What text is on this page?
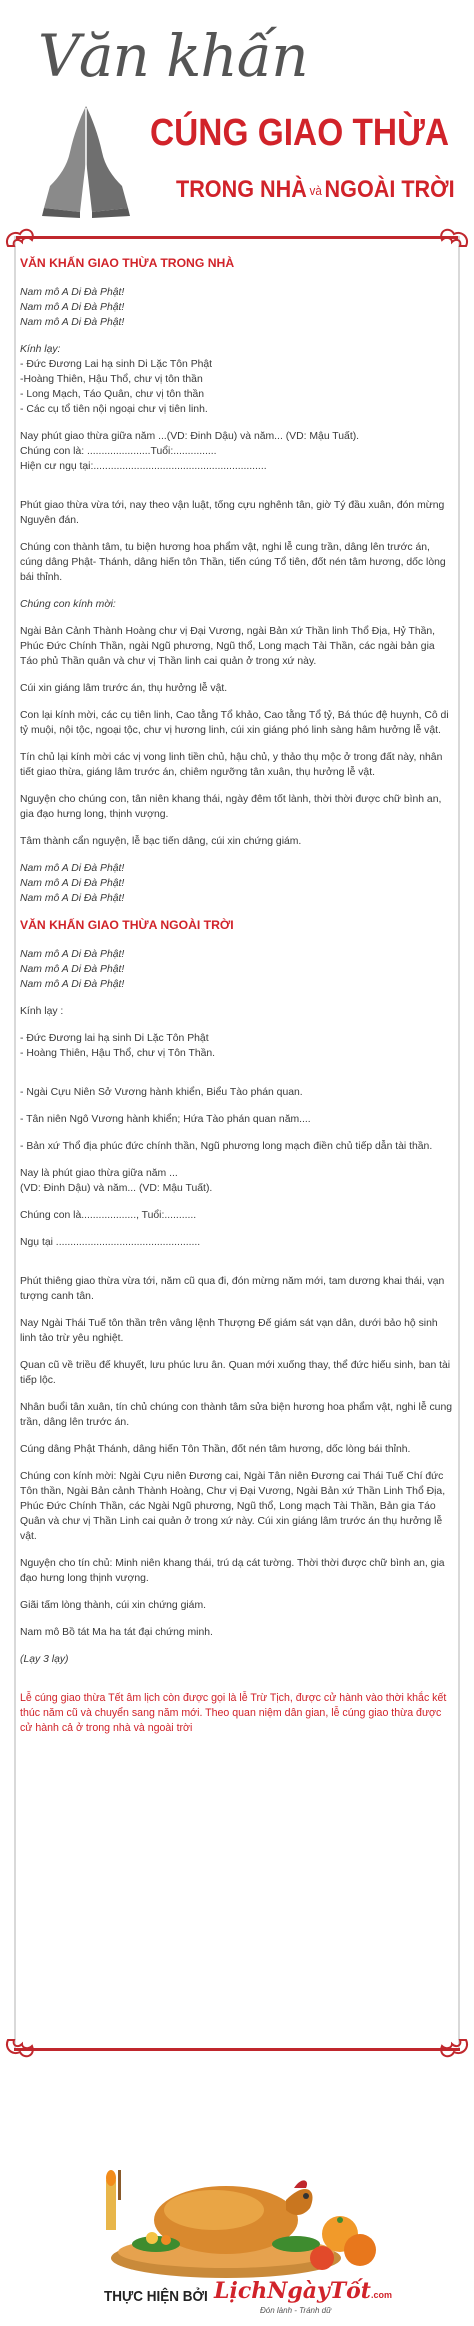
Văn khấn
CÚNG GIAO THỪA
TRONG NHÀ và NGOÀI TRỜI
VĂN KHẤN GIAO THỪA TRONG NHÀ
Nam mô A Di Đà Phật!
Nam mô A Di Đà Phật!
Nam mô A Di Đà Phật!
Kính lạy:
- Đức Đương Lai hạ sinh Di Lặc Tôn Phật
-Hoàng Thiên, Hậu Thổ, chư vị tôn thần
- Long Mạch, Táo Quân, chư vị tôn thần
- Các cụ tổ tiên nội ngoại chư vị tiên linh.
Nay phút giao thừa giữa năm ...(VD: Đinh Dậu) và năm... (VD: Mậu Tuất).
Chúng con là: ......................Tuổi:...............
Hiện cư ngụ tại:............................................................
Phút giao thừa vừa tới, nay theo vận luật, tống cựu nghênh tân, giờ Tý đầu xuân, đón mừng Nguyên đán.
Chúng con thành tâm, tu biện hương hoa phẩm vật, nghi lễ cung trần, dâng lên trước án, cúng dâng Phật- Thánh, dâng hiến tôn Thần, tiến cúng Tổ tiên, đốt nén tâm hương, dốc lòng bái thỉnh.
Chúng con kính mời:
Ngài Bản Cảnh Thành Hoàng chư vị Đại Vương, ngài Bản xứ Thần linh Thổ Địa, Hỷ Thần, Phúc Đức Chính Thần, ngài Ngũ phương, Ngũ thổ, Long mạch Tài Thần, các ngài bản gia Táo phủ Thần quân và chư vị Thần linh cai quản ở trong xứ này.
Cúi xin giáng lâm trước án, thụ hưởng lễ vật.
Con lại kính mời, các cụ tiên linh, Cao tằng Tổ khảo, Cao tằng Tổ tỷ, Bá thúc đệ huynh, Cô di tỷ muội, nội tộc, ngoại tộc, chư vị hương linh, cúi xin giáng phó linh sàng hâm hưởng lễ vật.
Tín chủ lại kính mời các vị vong linh tiền chủ, hậu chủ, y thảo thụ mộc ở trong đất này, nhân tiết giao thừa, giáng lâm trước án, chiêm ngưỡng tân xuân, thụ hưởng lễ vật.
Nguyện cho chúng con, tân niên khang thái, ngày đêm tốt lành, thời thời được chữ bình an, gia đạo hưng long, thịnh vượng.
Tâm thành cẩn nguyện, lễ bạc tiến dâng, cúi xin chứng giám.
Nam mô A Di Đà Phật!
Nam mô A Di Đà Phật!
Nam mô A Di Đà Phật!
VĂN KHẤN GIAO THỪA NGOÀI TRỜI
Nam mô A Di Đà Phật!
Nam mô A Di Đà Phật!
Nam mô A Di Đà Phật!
Kính lạy :
- Đức Đương lai hạ sinh Di Lặc Tôn Phật
- Hoàng Thiên, Hậu Thổ, chư vị Tôn Thần.
- Ngài Cựu Niên Sở Vương hành khiển, Biểu Tào phán quan.
- Tân niên Ngô Vương hành khiển; Hứa Tào phán quan năm....
- Bản xứ Thổ địa phúc đức chính thần, Ngũ phương long mạch điền chủ tiếp dẫn tài thần.
Nay là phút giao thừa giữa năm ...
(VD: Đinh Dậu) và năm... (VD: Mậu Tuất).
Chúng con là..................., Tuổi:...........
Ngụ tại ..................................................
Phút thiêng giao thừa vừa tới, năm cũ qua đi, đón mừng năm mới, tam dương khai thái, vạn tượng canh tân.
Nay Ngài Thái Tuế tôn thần trên vâng lệnh Thượng Đế giám sát vạn dân, dưới bảo hộ sinh linh tảo trừ yêu nghiệt.
Quan cũ về triều đế khuyết, lưu phúc lưu ân. Quan mới xuống thay, thể đức hiếu sinh, ban tài tiếp lộc.
Nhân buổi tân xuân, tín chủ chúng con thành tâm sửa biện hương hoa phẩm vật, nghi lễ cung trần, dâng lên trước án.
Cúng dâng Phật Thánh, dâng hiến Tôn Thần, đốt nén tâm hương, dốc lòng bái thỉnh.
Chúng con kính mời: Ngài Cựu niên Đương cai, Ngài Tân niên Đương cai Thái Tuế Chí đức Tôn thần, Ngài Bản cảnh Thành Hoàng, Chư vị Đại Vương, Ngài Bản xứ Thần Linh Thổ Địa, Phúc Đức Chính Thần, các Ngài Ngũ phương, Ngũ thổ, Long mạch Tài Thần, Bản gia Táo Quân và chư vị Thần Linh cai quản ở trong xứ này. Cúi xin giáng lâm trước án thụ hưởng lễ vật.
Nguyện cho tín chủ: Minh niên khang thái, trú dạ cát tường. Thời thời được chữ bình an, gia đạo hưng long thịnh vượng.
Giãi tấm lòng thành, cúi xin chứng giám.
Nam mô Bồ tát Ma ha tát đại chứng minh.
(Lạy 3 lạy)
Lễ cúng giao thừa Tết âm lịch còn được gọi là lễ Trừ Tịch, được cử hành vào thời khắc kết thúc năm cũ và chuyển sang năm mới. Theo quan niệm dân gian, lễ cúng giao thừa được cử hành cả ở trong nhà và ngoài trời
THỰC HIỆN BỞI LịchNgàyTốt.com
Đón lành - Tránh dữ
